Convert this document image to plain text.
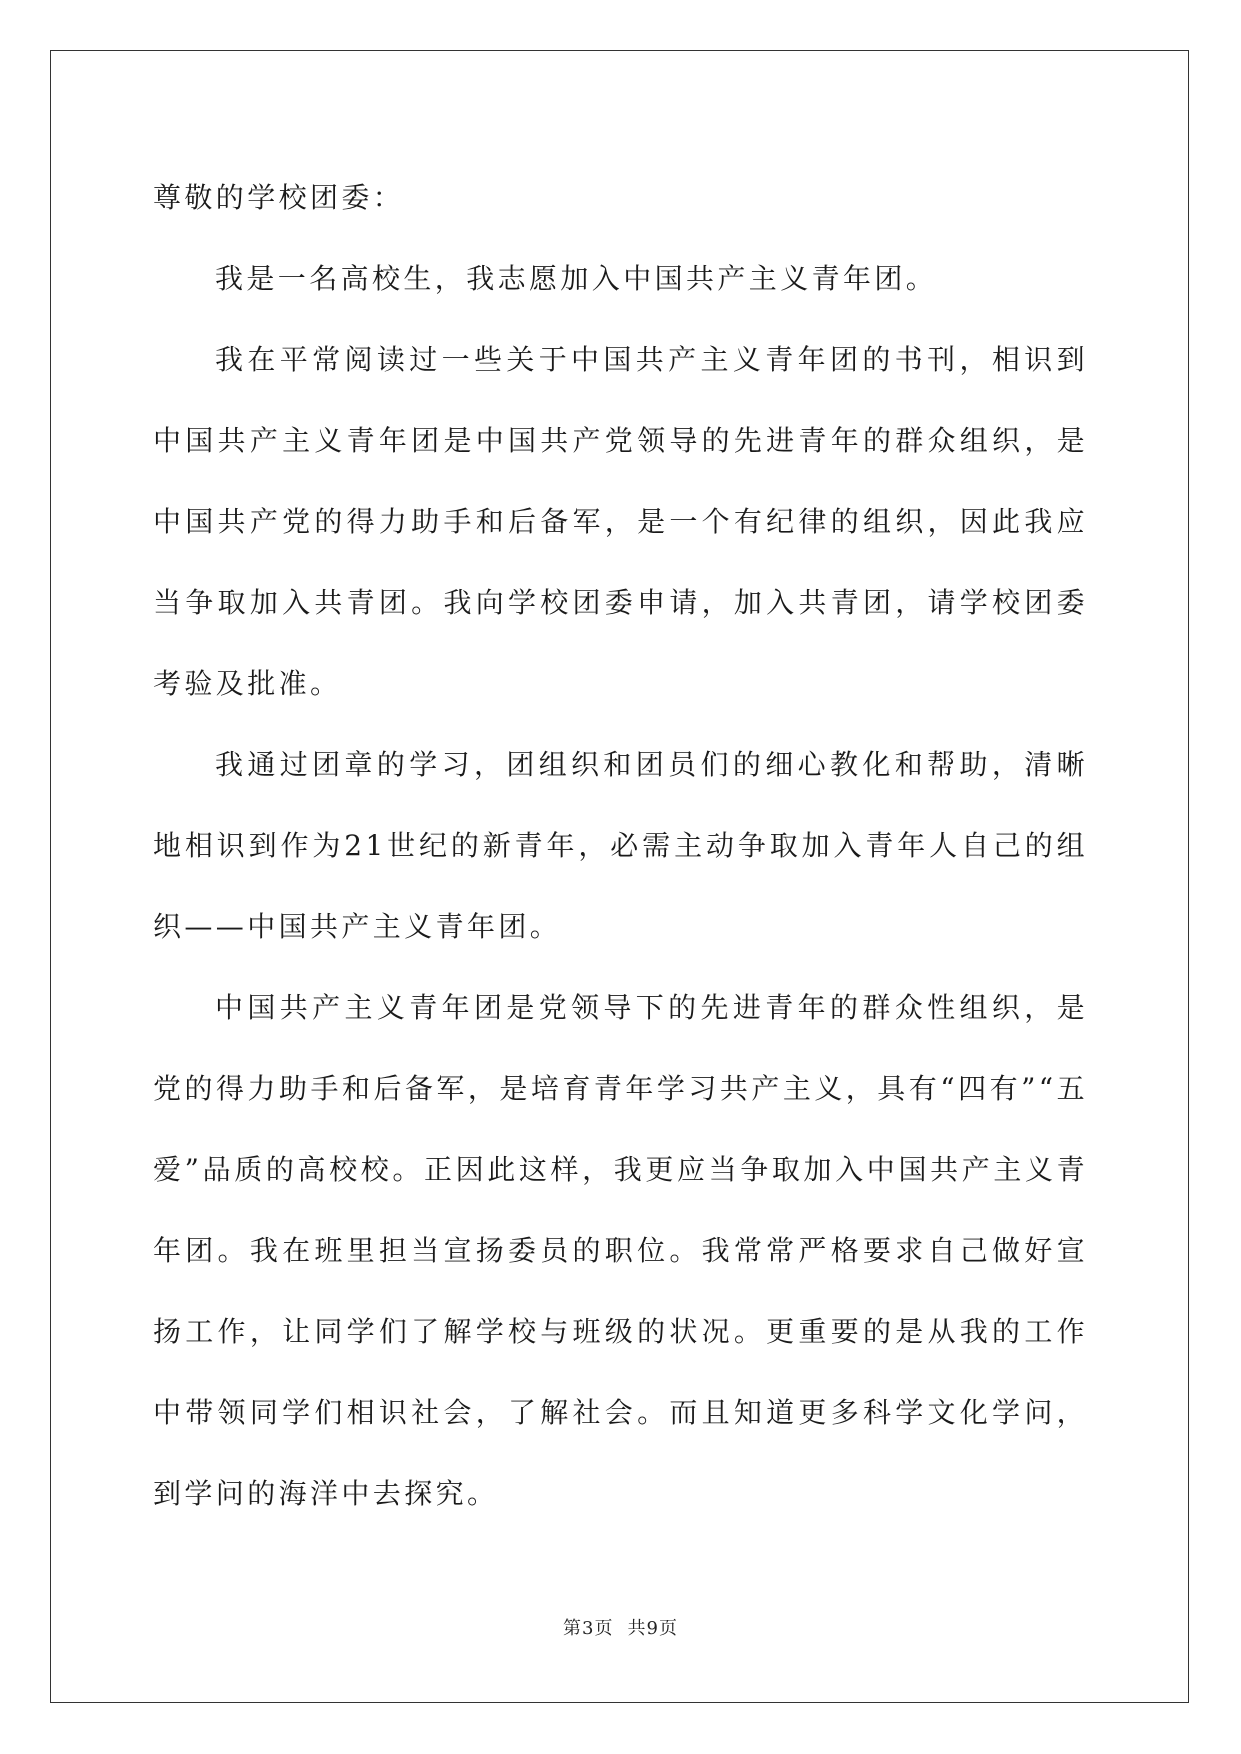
尊敬的学校团委：

我是一名高校生，我志愿加入中国共产主义青年团。

我在平常阅读过一些关于中国共产主义青年团的书刊，相识到中国共产主义青年团是中国共产党领导的先进青年的群众组织，是中国共产党的得力助手和后备军，是一个有纪律的组织，因此我应当争取加入共青团。我向学校团委申请，加入共青团，请学校团委考验及批准。

我通过团章的学习，团组织和团员们的细心教化和帮助，清晰地相识到作为21世纪的新青年，必需主动争取加入青年人自己的组织——中国共产主义青年团。

中国共产主义青年团是党领导下的先进青年的群众性组织，是党的得力助手和后备军，是培育青年学习共产主义，具有“四有”“五爱”品质的高校校。正因此这样，我更应当争取加入中国共产主义青年团。我在班里担当宣扬委员的职位。我常常严格要求自己做好宣扬工作，让同学们了解学校与班级的状况。更重要的是从我的工作中带领同学们相识社会，了解社会。而且知道更多科学文化学问，到学问的海洋中去探究。

第3页 共9页
